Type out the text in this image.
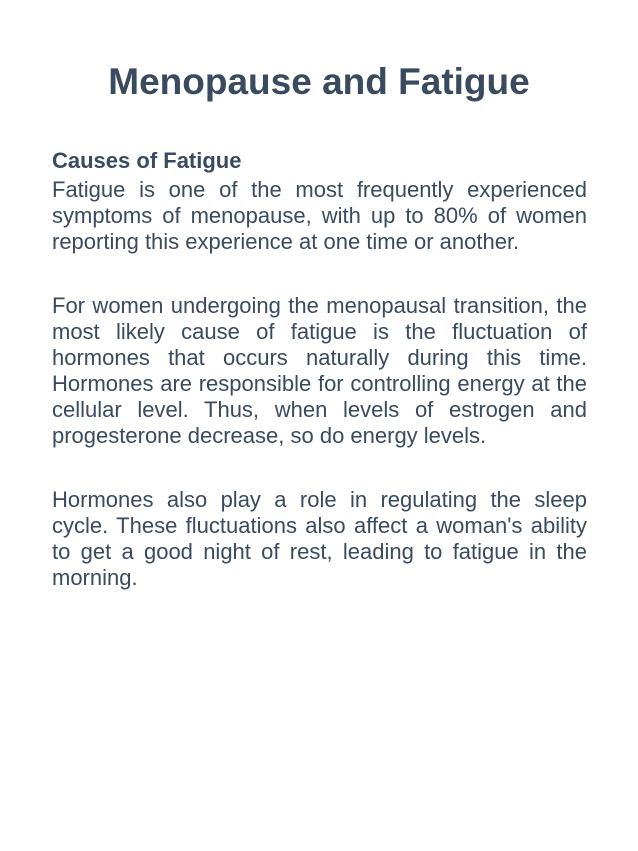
Menopause and Fatigue

Causes of Fatigue

Fatigue is one of the most frequently experienced symptoms of menopause, with up to 80% of women reporting this experience at one time or another.

For women undergoing the menopausal transition, the most likely cause of fatigue is the fluctuation of hormones that occurs naturally during this time. Hormones are responsible for controlling energy at the cellular level. Thus, when levels of estrogen and progesterone decrease, so do energy levels.

Hormones also play a role in regulating the sleep cycle. These fluctuations also affect a woman's ability to get a good night of rest, leading to fatigue in the morning.
